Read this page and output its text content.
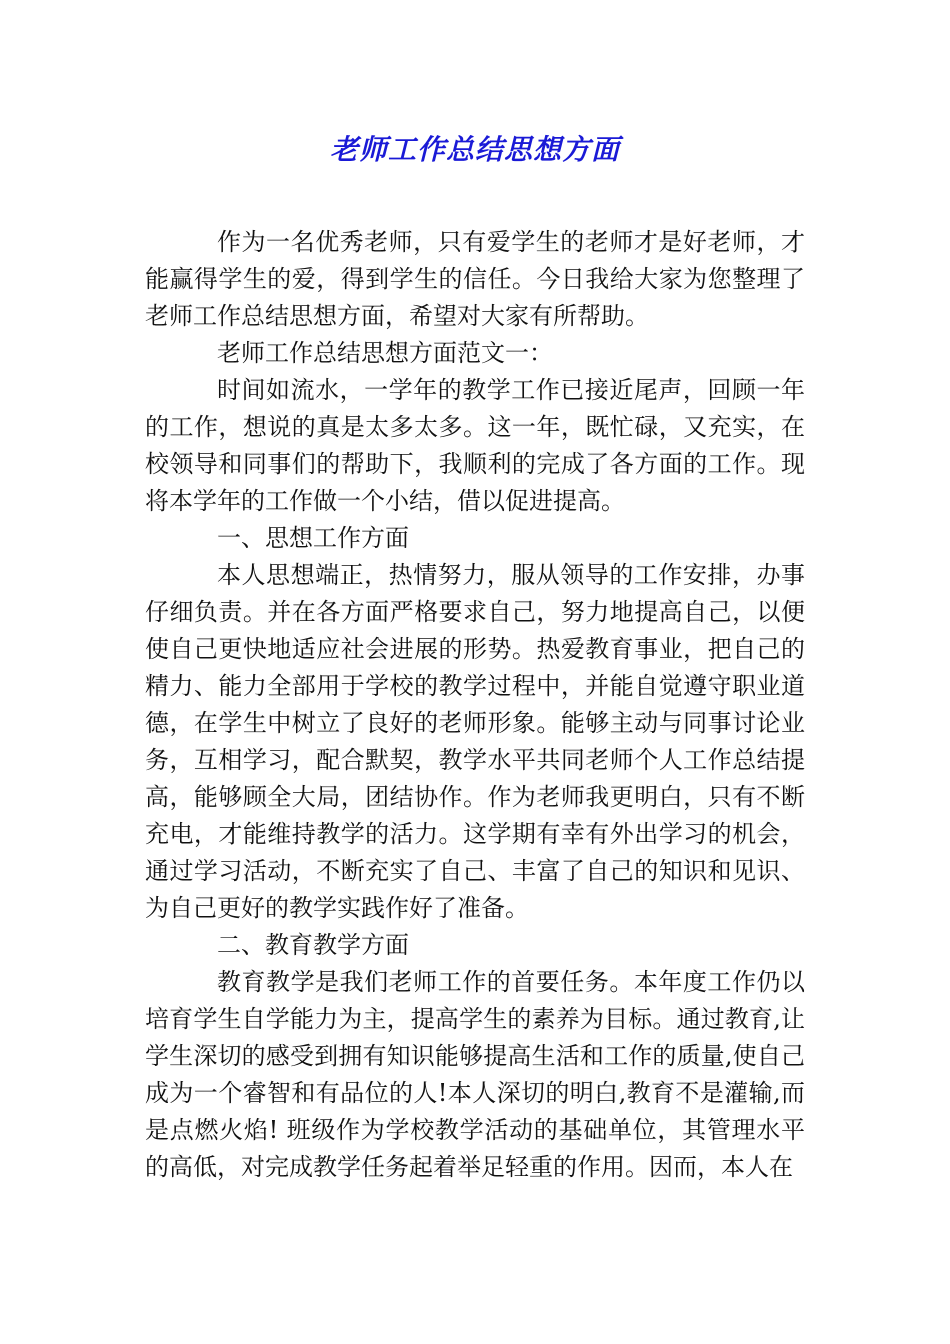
老师工作总结思想方面

作为一名优秀老师，只有爱学生的老师才是好老师，才能赢得学生的爱，得到学生的信任。今日我给大家为您整理了老师工作总结思想方面，希望对大家有所帮助。

老师工作总结思想方面范文一：

时间如流水，一学年的教学工作已接近尾声，回顾一年的工作，想说的真是太多太多。这一年，既忙碌，又充实，在校领导和同事们的帮助下，我顺利的完成了各方面的工作。现将本学年的工作做一个小结，借以促进提高。

一、思想工作方面

本人思想端正，热情努力，服从领导的工作安排，办事仔细负责。并在各方面严格要求自己，努力地提高自己，以便使自己更快地适应社会进展的形势。热爱教育事业，把自己的精力、能力全部用于学校的教学过程中，并能自觉遵守职业道德，在学生中树立了良好的老师形象。能够主动与同事讨论业务，互相学习，配合默契，教学水平共同老师个人工作总结提高，能够顾全大局，团结协作。作为老师我更明白，只有不断充电，才能维持教学的活力。这学期有幸有外出学习的机会，通过学习活动，不断充实了自己、丰富了自己的知识和见识、为自己更好的教学实践作好了准备。

二、教育教学方面

教育教学是我们老师工作的首要任务。本年度工作仍以培育学生自学能力为主，提高学生的素养为目标。通过教育,让学生深切的感受到拥有知识能够提高生活和工作的质量,使自己成为一个睿智和有品位的人!本人深切的明白,教育不是灌输,而是点燃火焰! 班级作为学校教学活动的基础单位，其管理水平的高低，对完成教学任务起着举足轻重的作用。因而，本人在
